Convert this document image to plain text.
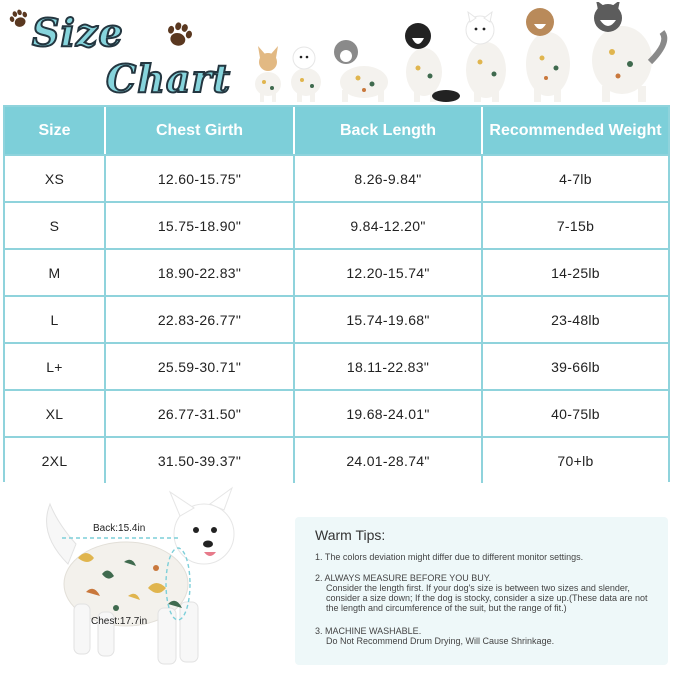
Size
Chart
Size	Chest Girth	Back Length	Recommended Weight
XS	12.60-15.75"	8.26-9.84"	4-7lb
S	15.75-18.90"	9.84-12.20"	7-15b
M	18.90-22.83"	12.20-15.74"	14-25lb
L	22.83-26.77"	15.74-19.68"	23-48lb
L+	25.59-30.71"	18.11-22.83"	39-66lb
XL	26.77-31.50"	19.68-24.01"	40-75lb
2XL	31.50-39.37"	24.01-28.74"	70+lb
Back:15.4in
Chest:17.7in
Warm Tips:
1. The colors deviation might differ due to different monitor settings.
2. ALWAYS MEASURE BEFORE YOU BUY.
Consider the length first. If your dog's size is between two sizes and slender, consider a size down; If the dog is stocky, consider a size up.(These data are not the length and circumference of the suit, but the range of fit.)
3. MACHINE WASHABLE.
Do Not Recommend Drum Drying, Will Cause Shrinkage.
